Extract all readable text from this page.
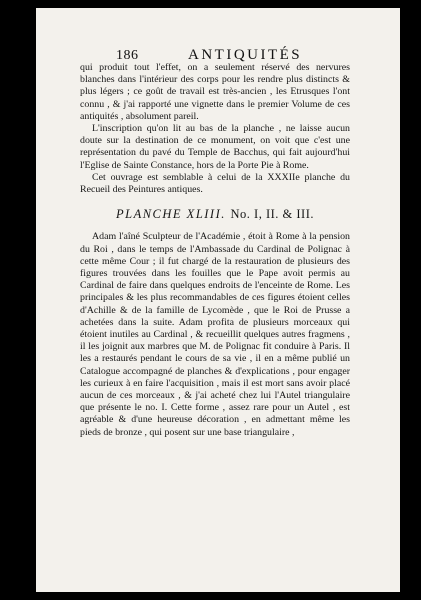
186	ANTIQUITÉS

qui produit tout l'effet, on a seulement réservé des nervures blanches dans l'intérieur des corps pour les rendre plus distincts & plus légers ; ce goût de travail est très-ancien , les Etrusques l'ont connu , & j'ai rapporté une vignette dans le premier Volume de ces antiquités , absolument pareil.

L'inscription qu'on lit au bas de la planche , ne laisse aucun doute sur la destination de ce monument, on voit que c'est une représentation du pavé du Temple de Bacchus, qui fait aujourd'hui l'Eglise de Sainte Constance, hors de la Porte Pie à Rome.

Cet ouvrage est semblable à celui de la XXXIIe planche du Recueil des Peintures antiques.

PLANCHE XLIII. No. I, II. & III.

Adam l'aîné Sculpteur de l'Académie , étoit à Rome à la pension du Roi , dans le temps de l'Ambassade du Cardinal de Polignac à cette même Cour ; il fut chargé de la restauration de plusieurs des figures trouvées dans les fouilles que le Pape avoit permis au Cardinal de faire dans quelques endroits de l'enceinte de Rome. Les principales & les plus recommandables de ces figures étoient celles d'Achille & de la famille de Lycomède , que le Roi de Prusse a achetées dans la suite. Adam profita de plusieurs morceaux qui étoient inutiles au Cardinal , & recueillit quelques autres fragmens , il les joignit aux marbres que M. de Polignac fit conduire à Paris. Il les a restaurés pendant le cours de sa vie , il en a même publié un Catalogue accompagné de planches & d'explications , pour engager les curieux à en faire l'acquisition , mais il est mort sans avoir placé aucun de ces morceaux , & j'ai acheté chez lui l'Autel triangulaire que présente le no. I. Cette forme , assez rare pour un Autel , est agréable & d'une heureuse décoration , en admettant même les pieds de bronze , qui posent sur une base triangulaire ,
